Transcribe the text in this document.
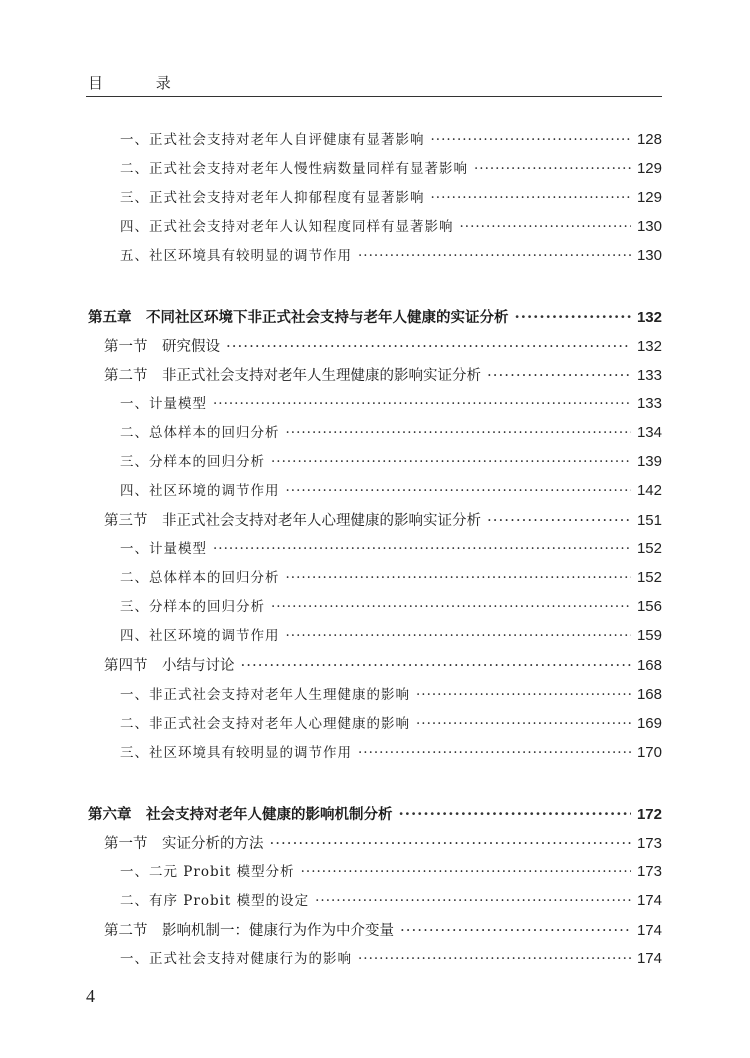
目 录
一、正式社会支持对老年人自评健康有显著影响 ·····	128
二、正式社会支持对老年人慢性病数量同样有显著影响 ·····	129
三、正式社会支持对老年人抑郁程度有显著影响 ·····	129
四、正式社会支持对老年人认知程度同样有显著影响 ·····	130
五、社区环境具有较明显的调节作用 ·····	130
第五章　不同社区环境下非正式社会支持与老年人健康的实证分析 ·····	132
第一节　研究假设 ·····	132
第二节　非正式社会支持对老年人生理健康的影响实证分析 ·····	133
一、计量模型 ·····	133
二、总体样本的回归分析 ·····	134
三、分样本的回归分析 ·····	139
四、社区环境的调节作用 ·····	142
第三节　非正式社会支持对老年人心理健康的影响实证分析 ·····	151
一、计量模型 ·····	152
二、总体样本的回归分析 ·····	152
三、分样本的回归分析 ·····	156
四、社区环境的调节作用 ·····	159
第四节　小结与讨论 ·····	168
一、非正式社会支持对老年人生理健康的影响 ·····	168
二、非正式社会支持对老年人心理健康的影响 ·····	169
三、社区环境具有较明显的调节作用 ·····	170
第六章　社会支持对老年人健康的影响机制分析 ·····	172
第一节　实证分析的方法 ·····	173
一、二元 Probit 模型分析 ·····	173
二、有序 Probit 模型的设定 ·····	174
第二节　影响机制一：健康行为作为中介变量 ·····	174
一、正式社会支持对健康行为的影响 ·····	174
4
